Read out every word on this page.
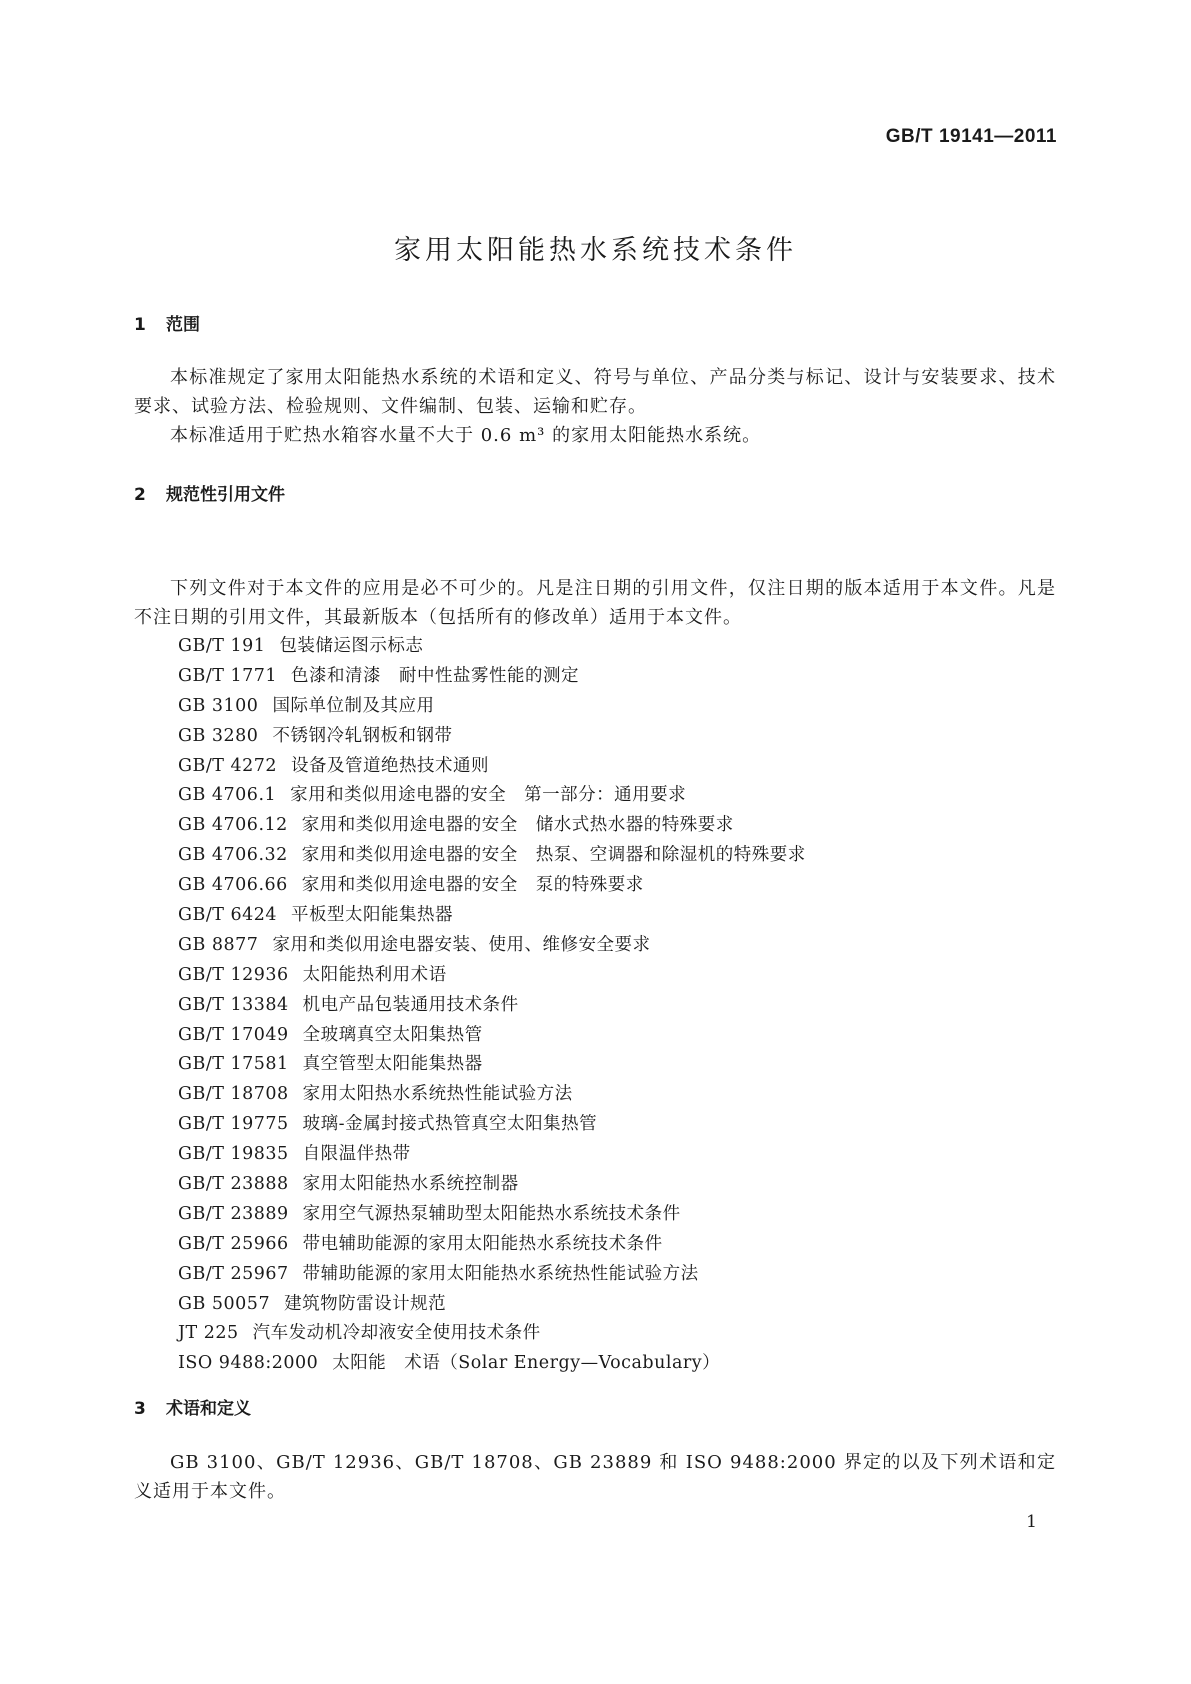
GB/T 19141—2011
家用太阳能热水系统技术条件
1 范围
本标准规定了家用太阳能热水系统的术语和定义、符号与单位、产品分类与标记、设计与安装要求、技术要求、试验方法、检验规则、文件编制、包装、运输和贮存。
本标准适用于贮热水箱容水量不大于 0.6 m³ 的家用太阳能热水系统。
2 规范性引用文件
下列文件对于本文件的应用是必不可少的。凡是注日期的引用文件，仅注日期的版本适用于本文件。凡是不注日期的引用文件，其最新版本（包括所有的修改单）适用于本文件。
GB/T 191 包装储运图示标志
GB/T 1771 色漆和清漆　耐中性盐雾性能的测定
GB 3100 国际单位制及其应用
GB 3280 不锈钢冷轧钢板和钢带
GB/T 4272 设备及管道绝热技术通则
GB 4706.1 家用和类似用途电器的安全　第一部分：通用要求
GB 4706.12 家用和类似用途电器的安全　储水式热水器的特殊要求
GB 4706.32 家用和类似用途电器的安全　热泵、空调器和除湿机的特殊要求
GB 4706.66 家用和类似用途电器的安全　泵的特殊要求
GB/T 6424 平板型太阳能集热器
GB 8877 家用和类似用途电器安装、使用、维修安全要求
GB/T 12936 太阳能热利用术语
GB/T 13384 机电产品包装通用技术条件
GB/T 17049 全玻璃真空太阳集热管
GB/T 17581 真空管型太阳能集热器
GB/T 18708 家用太阳热水系统热性能试验方法
GB/T 19775 玻璃-金属封接式热管真空太阳集热管
GB/T 19835 自限温伴热带
GB/T 23888 家用太阳能热水系统控制器
GB/T 23889 家用空气源热泵辅助型太阳能热水系统技术条件
GB/T 25966 带电辅助能源的家用太阳能热水系统技术条件
GB/T 25967 带辅助能源的家用太阳能热水系统热性能试验方法
GB 50057 建筑物防雷设计规范
JT 225 汽车发动机冷却液安全使用技术条件
ISO 9488:2000 太阳能　术语（Solar Energy—Vocabulary）
3 术语和定义
GB 3100、GB/T 12936、GB/T 18708、GB 23889 和 ISO 9488:2000 界定的以及下列术语和定义适用于本文件。
1
